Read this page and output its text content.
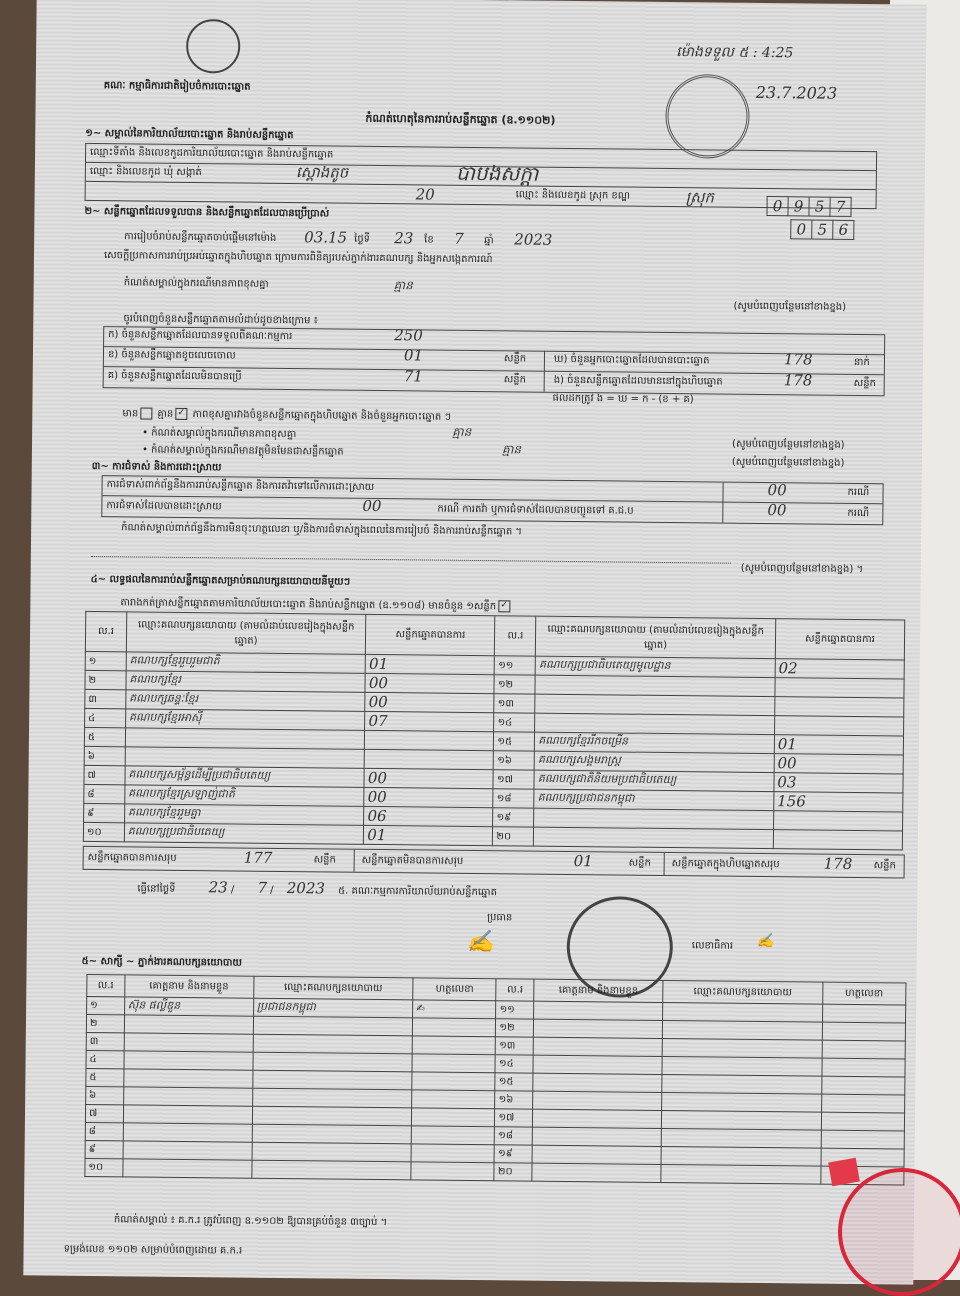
គណៈ កម្មាធិការជាតិរៀបចំការបោះឆ្នោត
កំណត់ហេតុនៃការរាប់សន្លឹកឆ្នោត (ឧ.១១០២)
ម៉ោងទទួល ៥ : 4:25
23.7.2023
១~ សម្គាល់នៃការិយាល័យបោះឆ្នោត និងរាប់សន្លឹកឆ្នោត
ឈ្មោះទីតាំង និងលេខកូដការិយាល័យបោះឆ្នោត និងរាប់សន្លឹកឆ្នោត
ឈ្មោះ និងលេខកូដ ឃុំ សង្កាត់	ស្តោងតូច	បាបងសក្តា
20	ឈ្មោះ និងលេខកូដ ស្រុក ខណ្ឌ	ស្រុក	0	9	5	7
0	5	6
២~ សន្លឹកឆ្នោតដែលទទួលបាន និងសន្លឹកឆ្នោតដែលបានប្រើប្រាស់
ការរៀបចំរាប់សន្លឹកឆ្នោតចាប់ផ្តើមនៅម៉ោង 03.15 ថ្ងៃទី 23 ខែ 7 ឆ្នាំ 2023
សេចក្តីប្រកាសការរាប់ប្រអប់ឆ្នោតក្នុងហិបឆ្នោត ក្រោមការពិនិត្យរបស់ភ្នាក់ងារគណបក្ស និងអ្នកសង្កេតការណ៍
កំណត់សម្គាល់ក្នុងករណីមានភាពខុសគ្នា	គ្មាន
(សូមបំពេញបន្ថែមនៅខាងខ្នង)
ចូរបំពេញចំនួនសន្លឹកឆ្នោតតាមលំដាប់ដូចខាងក្រោម ៖
ក) ចំនួនសន្លឹកឆ្នោតដែលបានទទួលពីគណៈកម្មការ	250
ខ) ចំនួនសន្លឹកឆ្នោតខូចលេចចោល	01	សន្លឹក	ឃ) ចំនួនអ្នកបោះឆ្នោតដែលបានបោះឆ្នោត	178	នាក់
គ) ចំនួនសន្លឹកឆ្នោតដែលមិនបានប្រើ	71	សន្លឹក	ង) ចំនួនសន្លឹកឆ្នោតដែលមាននៅក្នុងហិបឆ្នោត	178	សន្លឹក
ផលដកត្រូវ ង = ឃ = ក - (ខ + គ)
មាន គ្មាន ✓ ភាពខុសគ្នារវាងចំនួនសន្លឹកឆ្នោតក្នុងហិបឆ្នោត និងចំនួនអ្នកបោះឆ្នោត ៗ
• កំណត់សម្គាល់ក្នុងករណីមានភាពខុសគ្នា	គ្មាន
(សូមបំពេញបន្ថែមនៅខាងខ្នង)
• កំណត់សម្គាល់ក្នុងករណីមានវត្ថុមិនមែនជាសន្លឹកឆ្នោត	គ្មាន
(សូមបំពេញបន្ថែមនៅខាងខ្នង)
៣~ ការជំទាស់ និងការដោះស្រាយ
ការជំទាស់ពាក់ព័ន្ធនឹងការរាប់សន្លឹកឆ្នោត និងការតវ៉ាទៅលើការដោះស្រាយ	00	ករណី
ការជំទាស់ដែលបានដោះស្រាយ	00	ករណី ការតវ៉ា ឬការជំទាស់ដែលបានបញ្ជូនទៅ គ.ជ.ប	00	ករណី
កំណត់សម្គាល់ពាក់ព័ន្ធនឹងការមិនចុះហត្ថលេខា ឬ/និងការជំទាស់ក្នុងពេលនៃការរៀបចំ និងការរាប់សន្លឹកឆ្នោត ។
(សូមបំពេញបន្ថែមនៅខាងខ្នង) ។
៤~ លទ្ធផលនៃការរាប់សន្លឹកឆ្នោតសម្រាប់គណបក្សនយោបាយនីមួយៗ
តារាងកត់ត្រាសន្លឹកឆ្នោតតាមការិយាល័យបោះឆ្នោត និងរាប់សន្លឹកឆ្នោត (ឧ.១១០៨) មានចំនួន ១សន្លឹក ✓
ល.រ	ឈ្មោះគណបក្សនយោបាយ (តាមលំដាប់លេខរៀងក្នុងសន្លឹកឆ្នោត)	សន្លឹកឆ្នោតបានការ	ល.រ	ឈ្មោះគណបក្សនយោបាយ (តាមលំដាប់លេខរៀងក្នុងសន្លឹកឆ្នោត)	សន្លឹកឆ្នោតបានការ
១	គណបក្សខ្មែររួបរួមជាតិ	01	១១	គណបក្សប្រជាធិបតេយ្យមូលដ្ឋាន	02
២	គណបក្សខ្មែរ	00	១២		
៣	គណបក្សឆន្ទៈខ្មែរ	00	១៣		
៤	គណបក្សខ្មែរអាស៊ី	07	១៤		
៥			១៥	គណបក្សខ្មែររីកចម្រើន	01
៦			១៦	គណបក្សសង្គមរាស្ត្រ	00
៧	គណបក្សសម្ព័ន្ធដើម្បីប្រជាធិបតេយ្យ	00	១៧	គណបក្សជាតិនិយមប្រជាធិបតេយ្យ	03
៨	គណបក្សខ្មែរស្រឡាញ់ជាតិ	00	១៨	គណបក្សប្រជាជនកម្ពុជា	156
៩	គណបក្សខ្មែររួមគ្នា	06	១៩		
១០	គណបក្សប្រជាធិបតេយ្យ	01	២០		
សន្លឹកឆ្នោតបានការសរុប	177	សន្លឹក	សន្លឹកឆ្នោតមិនបានការសរុប	01	សន្លឹក សន្លឹកឆ្នោតក្នុងហិបឆ្នោតសរុប	178 សន្លឹក
ធ្វើនៅថ្ងៃទី 23 / 7 / 2023 ៥. គណៈកម្មការការិយាល័យរាប់សន្លឹកឆ្នោត
ប្រធាន
✍	លេខាធិការ ✍
៥~ សាក្សី ~ ភ្នាក់ងារគណបក្សនយោបាយ
ល.រ	គោត្តនាម និងនាមខ្លួន	ឈ្មោះគណបក្សនយោបាយ	ហត្ថលេខា	ល.រ	គោត្តនាម និងនាមខ្លួន	ឈ្មោះគណបក្សនយោបាយ	ហត្ថលេខា
១	ស៊ុន ផល្លីឌួន	ប្រជាជនកម្ពុជា	✍	១១			
២				១២			
៣				១៣			
៤				១៤			
៥				១៥			
៦				១៦			
៧				១៧			
៨				១៨			
៩				១៩			
១០				២០			
កំណត់សម្គាល់ ៖ គ.ក.រ ត្រូវបំពេញ ឧ.១១០២ ឱ្យបានគ្រប់ចំនួន ៣ច្បាប់ ។
ទម្រង់លេខ ១១០២ សម្រាប់បំពេញដោយ គ.ក.រ
